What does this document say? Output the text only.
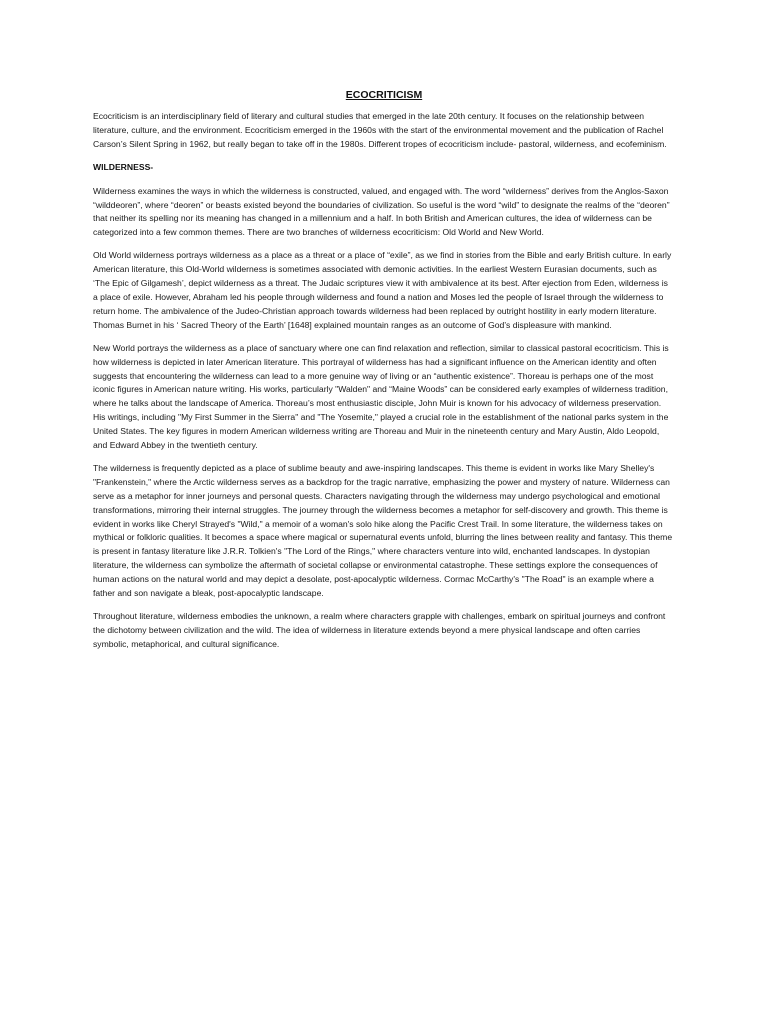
ECOCRITICISM

Ecocriticism is an interdisciplinary field of literary and cultural studies that emerged in the late 20th century. It focuses on the relationship between literature, culture, and the environment. Ecocriticism emerged in the 1960s with the start of the environmental movement and the publication of Rachel Carson’s Silent Spring in 1962, but really began to take off in the 1980s. Different tropes of ecocriticism include- pastoral, wilderness, and ecofeminism.

WILDERNESS-

Wilderness examines the ways in which the wilderness is constructed, valued, and engaged with. The word “wilderness” derives from the Anglos-Saxon “wilddeoren”, where “deoren” or beasts existed beyond the boundaries of civilization. So useful is the word “wild” to designate the realms of the “deoren” that neither its spelling nor its meaning has changed in a millennium and a half. In both British and American cultures, the idea of wilderness can be categorized into a few common themes. There are two branches of wilderness ecocriticism: Old World and New World.

Old World wilderness portrays wilderness as a place as a threat or a place of “exile”, as we find in stories from the Bible and early British culture. In early American literature, this Old-World wilderness is sometimes associated with demonic activities. In the earliest Western Eurasian documents, such as ‘The Epic of Gilgamesh’, depict wilderness as a threat. The Judaic scriptures view it with ambivalence at its best. After ejection from Eden, wilderness is a place of exile. However, Abraham led his people through wilderness and found a nation and Moses led the people of Israel through the wilderness to return home. The ambivalence of the Judeo-Christian approach towards wilderness had been replaced by outright hostility in early modern literature. Thomas Burnet in his ‘ Sacred Theory of the Earth’ [1648] explained mountain ranges as an outcome of God’s displeasure with mankind.

New World portrays the wilderness as a place of sanctuary where one can find relaxation and reflection, similar to classical pastoral ecocriticism. This is how wilderness is depicted in later American literature. This portrayal of wilderness has had a significant influence on the American identity and often suggests that encountering the wilderness can lead to a more genuine way of living or an “authentic existence”. Thoreau is perhaps one of the most iconic figures in American nature writing. His works, particularly "Walden" and “Maine Woods” can be considered early examples of wilderness tradition, where he talks about the landscape of America. Thoreau’s most enthusiastic disciple, John Muir is known for his advocacy of wilderness preservation. His writings, including "My First Summer in the Sierra" and "The Yosemite," played a crucial role in the establishment of the national parks system in the United States. The key figures in modern American wilderness writing are Thoreau and Muir in the nineteenth century and Mary Austin, Aldo Leopold, and Edward Abbey in the twentieth century.

The wilderness is frequently depicted as a place of sublime beauty and awe-inspiring landscapes. This theme is evident in works like Mary Shelley's "Frankenstein," where the Arctic wilderness serves as a backdrop for the tragic narrative, emphasizing the power and mystery of nature. Wilderness can serve as a metaphor for inner journeys and personal quests. Characters navigating through the wilderness may undergo psychological and emotional transformations, mirroring their internal struggles. The journey through the wilderness becomes a metaphor for self-discovery and growth. This theme is evident in works like Cheryl Strayed's "Wild," a memoir of a woman's solo hike along the Pacific Crest Trail. In some literature, the wilderness takes on mythical or folkloric qualities. It becomes a space where magical or supernatural events unfold, blurring the lines between reality and fantasy. This theme is present in fantasy literature like J.R.R. Tolkien's "The Lord of the Rings," where characters venture into wild, enchanted landscapes. In dystopian literature, the wilderness can symbolize the aftermath of societal collapse or environmental catastrophe. These settings explore the consequences of human actions on the natural world and may depict a desolate, post-apocalyptic wilderness. Cormac McCarthy's "The Road" is an example where a father and son navigate a bleak, post-apocalyptic landscape.

Throughout literature, wilderness embodies the unknown, a realm where characters grapple with challenges, embark on spiritual journeys and confront the dichotomy between civilization and the wild. The idea of wilderness in literature extends beyond a mere physical landscape and often carries symbolic, metaphorical, and cultural significance.
